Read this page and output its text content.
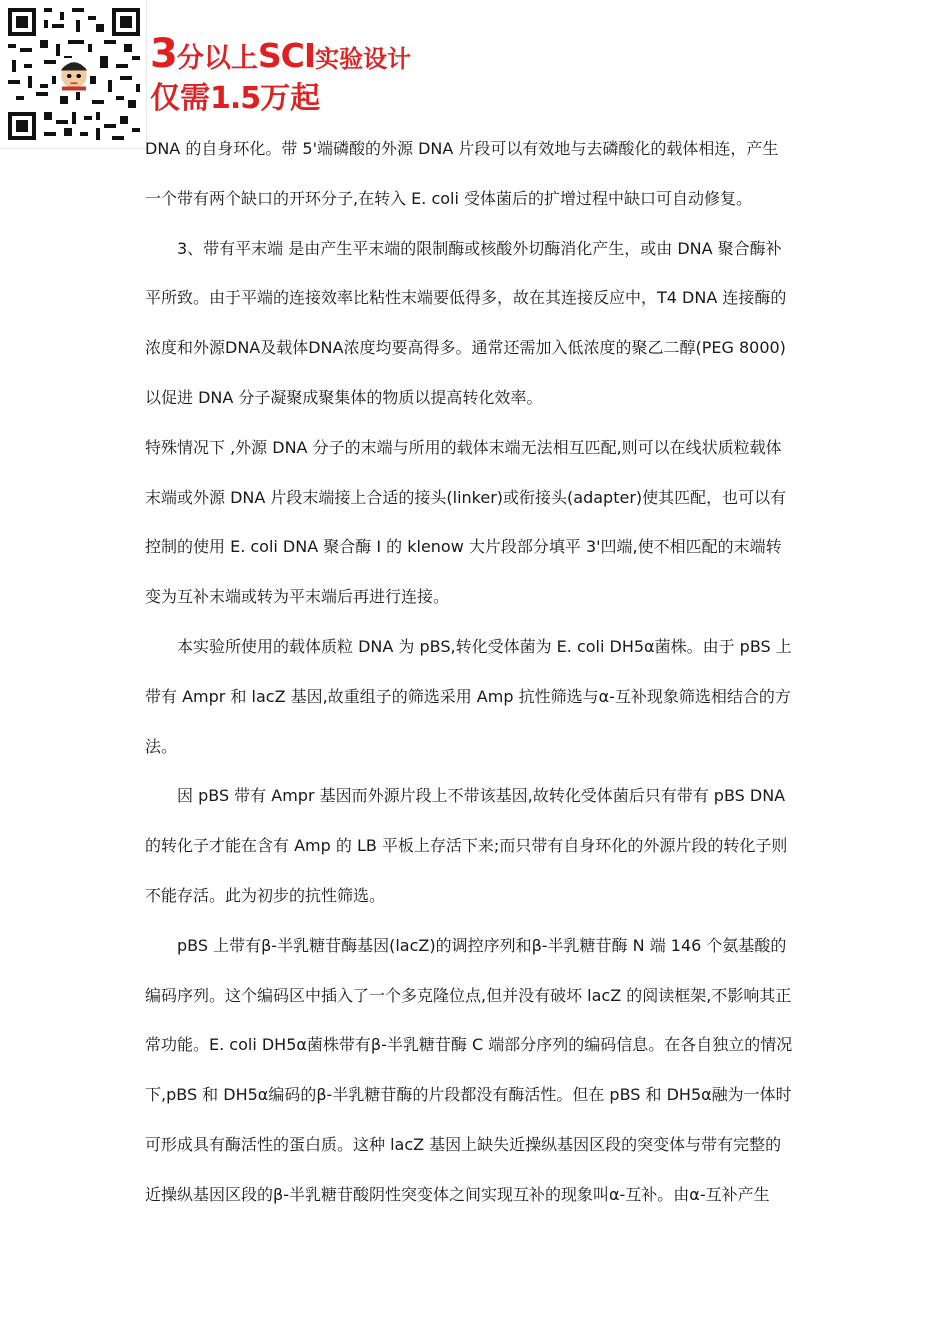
3 分以上 SCI 实验设计
仅需 1.5 万起
DNA 的自身环化。带 5'端磷酸的外源 DNA 片段可以有效地与去磷酸化的载体相连，产生
一个带有两个缺口的开环分子,在转入 E. coli 受体菌后的扩增过程中缺口可自动修复。
3、带有平末端 是由产生平末端的限制酶或核酸外切酶消化产生，或由 DNA 聚合酶补
平所致。由于平端的连接效率比粘性末端要低得多，故在其连接反应中，T4 DNA 连接酶的
浓度和外源DNA及载体DNA浓度均要高得多。通常还需加入低浓度的聚乙二醇(PEG 8000)
以促进 DNA 分子凝聚成聚集体的物质以提高转化效率。
特殊情况下 ,外源 DNA 分子的末端与所用的载体末端无法相互匹配,则可以在线状质粒载体
末端或外源 DNA 片段末端接上合适的接头(linker)或衔接头(adapter)使其匹配，也可以有
控制的使用 E. coli DNA 聚合酶 I 的 klenow 大片段部分填平 3'凹端,使不相匹配的末端转
变为互补末端或转为平末端后再进行连接。
本实验所使用的载体质粒 DNA 为 pBS,转化受体菌为 E. coli DH5α菌株。由于 pBS 上
带有 Ampr 和 lacZ 基因,故重组子的筛选采用 Amp 抗性筛选与α-互补现象筛选相结合的方
法。
因 pBS 带有 Ampr 基因而外源片段上不带该基因,故转化受体菌后只有带有 pBS DNA
的转化子才能在含有 Amp 的 LB 平板上存活下来;而只带有自身环化的外源片段的转化子则
不能存活。此为初步的抗性筛选。
pBS 上带有β-半乳糖苷酶基因(lacZ)的调控序列和β-半乳糖苷酶 N 端 146 个氨基酸的
编码序列。这个编码区中插入了一个多克隆位点,但并没有破坏 lacZ 的阅读框架,不影响其正
常功能。E. coli DH5α菌株带有β-半乳糖苷酶 C 端部分序列的编码信息。在各自独立的情况
下,pBS 和 DH5α编码的β-半乳糖苷酶的片段都没有酶活性。但在 pBS 和 DH5α融为一体时
可形成具有酶活性的蛋白质。这种 lacZ 基因上缺失近操纵基因区段的突变体与带有完整的
近操纵基因区段的β-半乳糖苷酸阴性突变体之间实现互补的现象叫α-互补。由α-互补产生
